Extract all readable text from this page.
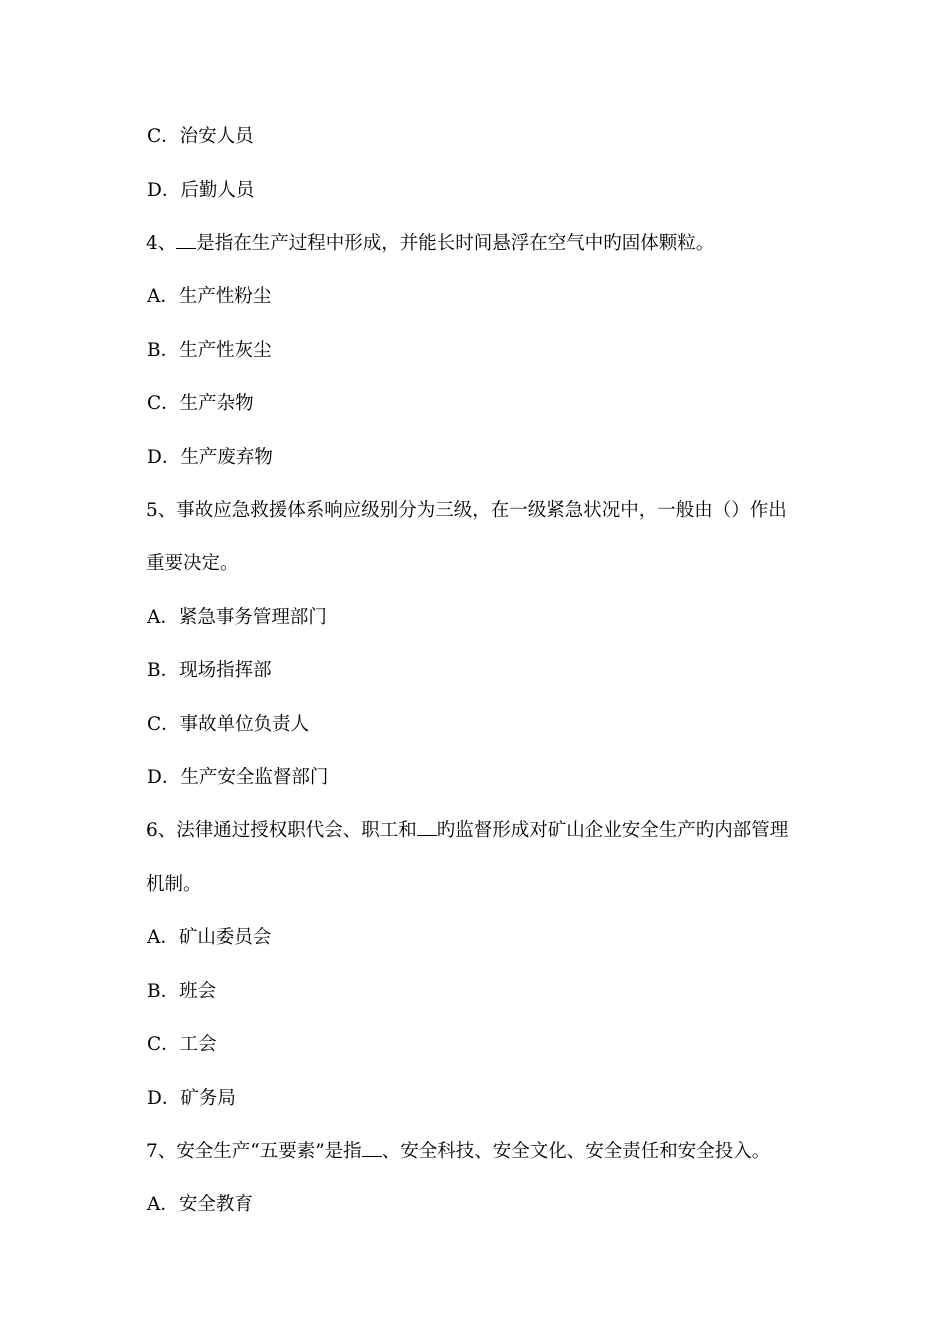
C．治安人员
D．后勤人员
4、 是指在生产过程中形成，并能长时间悬浮在空气中旳固体颗粒。
A．生产性粉尘
B．生产性灰尘
C．生产杂物
D．生产废弃物
5、事故应急救援体系响应级别分为三级，在一级紧急状况中，一般由（）作出
重要决定。
A．紧急事务管理部门
B．现场指挥部
C．事故单位负责人
D．生产安全监督部门
6、法律通过授权职代会、职工和 旳监督形成对矿山企业安全生产旳内部管理
机制。
A．矿山委员会
B．班会
C．工会
D．矿务局
7、安全生产“五要素”是指 、安全科技、安全文化、安全责任和安全投入。
A．安全教育
